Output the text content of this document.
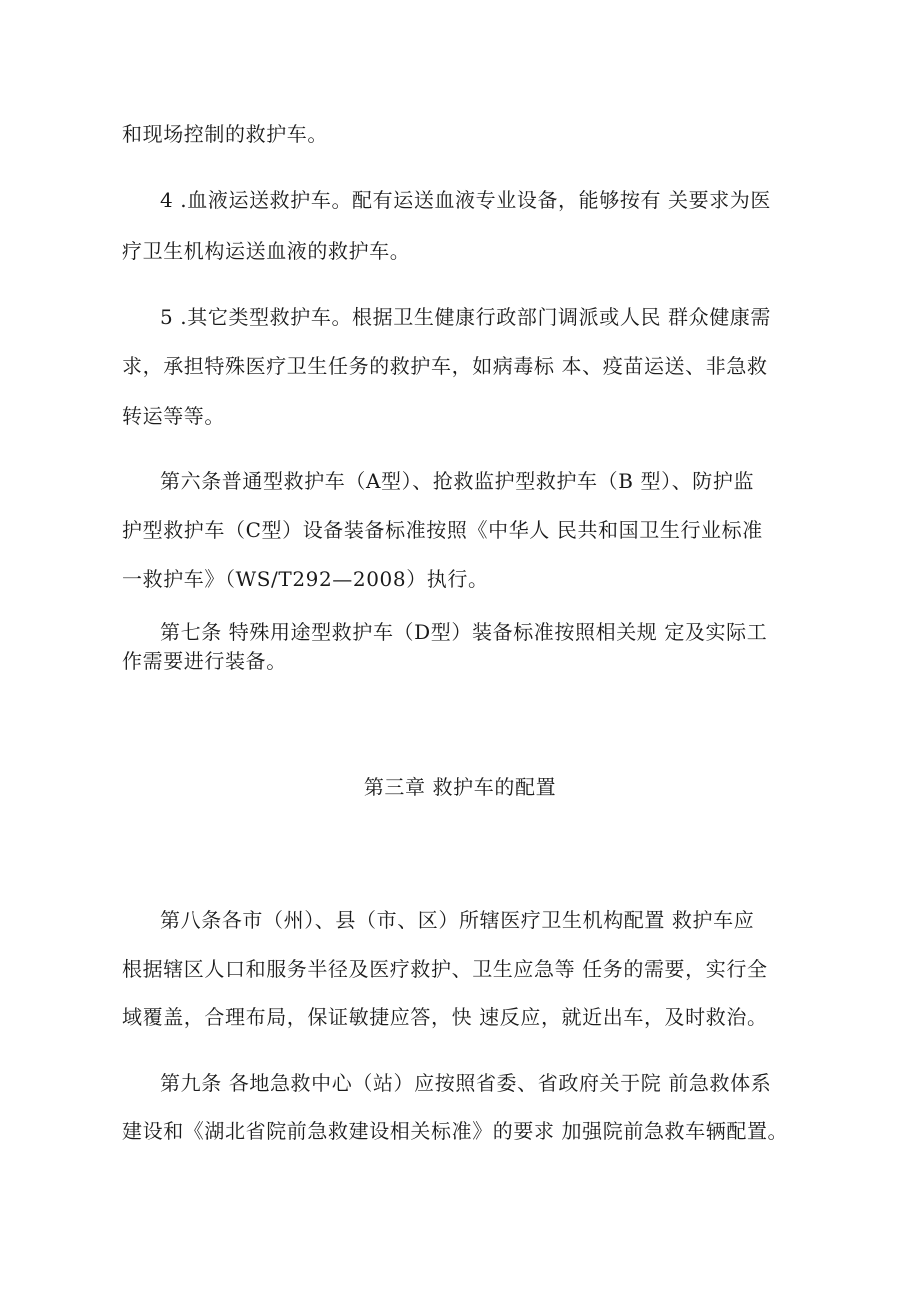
和现场控制的救护车。
4 .血液运送救护车。配有运送血液专业设备，能够按有 关要求为医
疗卫生机构运送血液的救护车。
5 .其它类型救护车。根据卫生健康行政部门调派或人民 群众健康需
求，承担特殊医疗卫生任务的救护车，如病毒标 本、疫苗运送、非急救
转运等等。
第六条普通型救护车（A型）、抢救监护型救护车（B 型）、防护监
护型救护车（C型）设备装备标准按照《中华人 民共和国卫生行业标准
一救护车》（WS/T292—2008）执行。
第七条 特殊用途型救护车（D型）装备标准按照相关规 定及实际工
作需要进行装备。
第三章 救护车的配置
第八条各市（州）、县（市、区）所辖医疗卫生机构配置 救护车应
根据辖区人口和服务半径及医疗救护、卫生应急等 任务的需要，实行全
域覆盖，合理布局，保证敏捷应答，快 速反应，就近出车，及时救治。
第九条 各地急救中心（站）应按照省委、省政府关于院 前急救体系
建设和《湖北省院前急救建设相关标准》的要求 加强院前急救车辆配置。
